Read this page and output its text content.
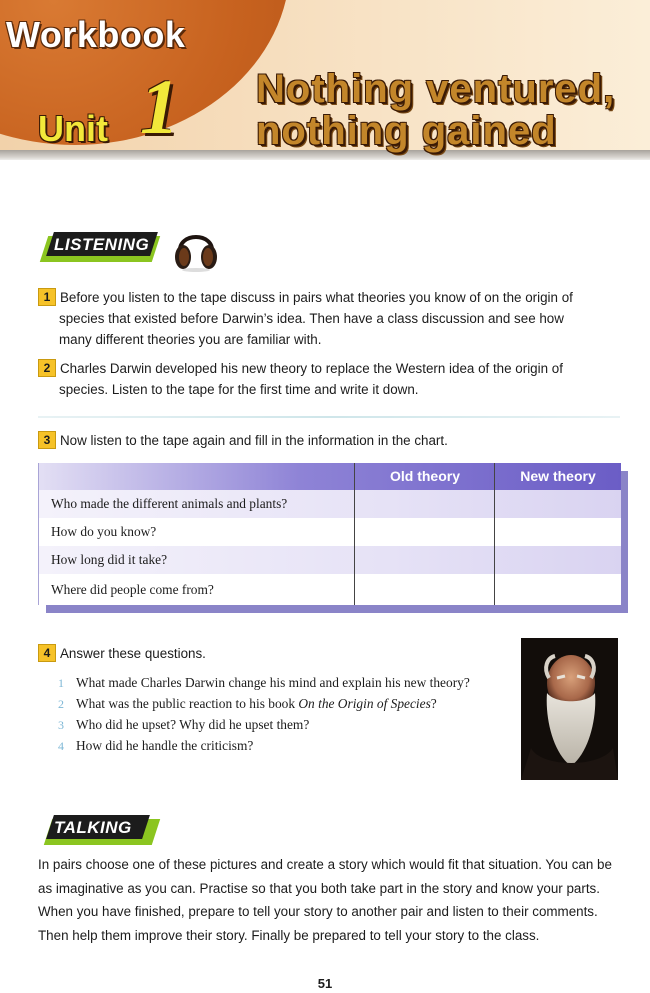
Workbook
Unit 1 Nothing ventured,
nothing gained
LISTENING
1 Before you listen to the tape discuss in pairs what theories you know of on the origin of
species that existed before Darwin’s idea. Then have a class discussion and see how
many different theories you are familiar with.
2 Charles Darwin developed his new theory to replace the Western idea of the origin of
species. Listen to the tape for the first time and write it down.
3 Now listen to the tape again and fill in the information in the chart.
Old theory	New theory
Who made the different animals and plants?
How do you know?
How long did it take?
Where did people come from?
4 Answer these questions.
1 What made Charles Darwin change his mind and explain his new theory?
2 What was the public reaction to his book On the Origin of Species?
3 Who did he upset? Why did he upset them?
4 How did he handle the criticism?
TALKING
In pairs choose one of these pictures and create a story which would fit that situation. You can be as imaginative as you can. Practise so that you both take part in the story and know your parts. When you have finished, prepare to tell your story to another pair and listen to their comments. Then help them improve their story. Finally be prepared to tell your story to the class.
51
